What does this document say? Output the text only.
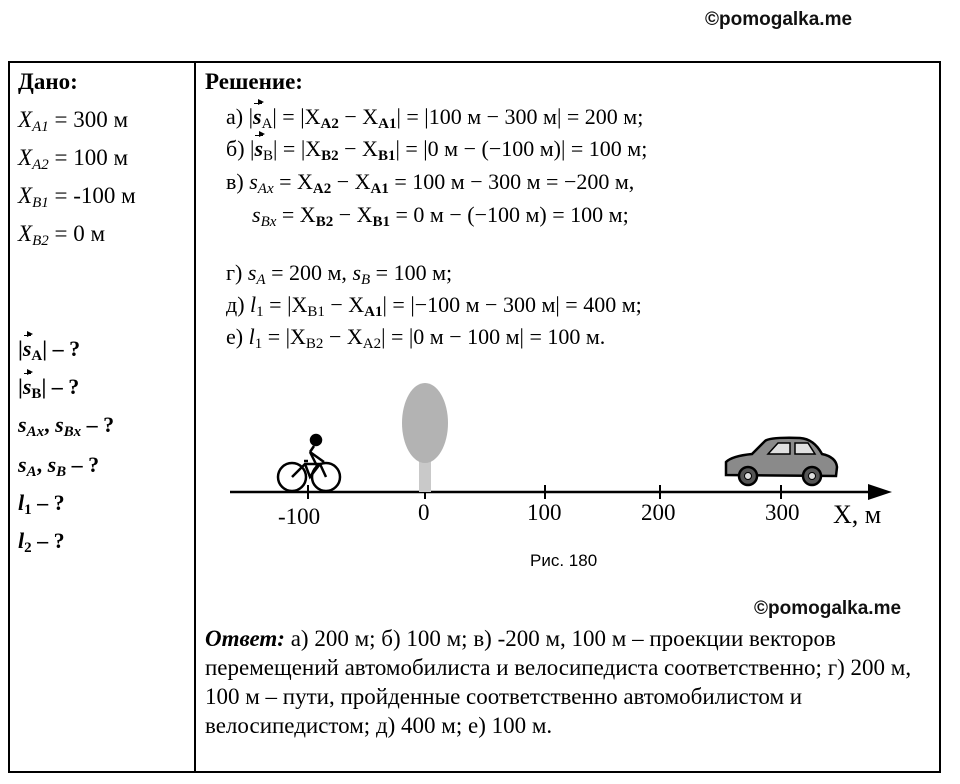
©pomogalka.me
Дано:
$X_{A1} = 300$ м
$X_{A2} = 100$ м
$X_{B1} = -100$ м
$X_{B2} = 0$ м
$|s_A|$ – ?
$|s_B|$ – ?
$s_{Ax}$, $s_{Bx}$ – ?
$s_A$, $s_B$ – ?
$l_1$ – ?
$l_2$ – ?
Решение:
а) $|s_A| = |X_{A2} - X_{A1}| = |100$ м − 300 м| = 200 м;
б) $|s_B| = |X_{B2} - X_{B1}| = |0$ м − (−100 м)| = 100 м;
в) $s_{Ax} = X_{A2} - X_{A1} = 100$ м − 300 м = −200 м,
$s_{Bx} = X_{B2} - X_{B1} = 0$ м − (−100 м) = 100 м;
г) $s_A = 200$ м, $s_B = 100$ м;
д) $l_1 = |X_{B1} - X_{A1}| = |-100$ м − 300 м| = 400 м;
е) $l_1 = |X_{B2} - X_{A2}| = |0$ м − 100 м| = 100 м.
-100	0	100	200	300 X, м
Рис. 180
©pomogalka.me
Ответ: а) 200 м; б) 100 м; в) -200 м, 100 м – проекции векторов перемещений автомобилиста и велосипедиста соответственно; г) 200 м, 100 м – пути, пройденные соответственно автомобилистом и велосипедистом; д) 400 м; е) 100 м.
